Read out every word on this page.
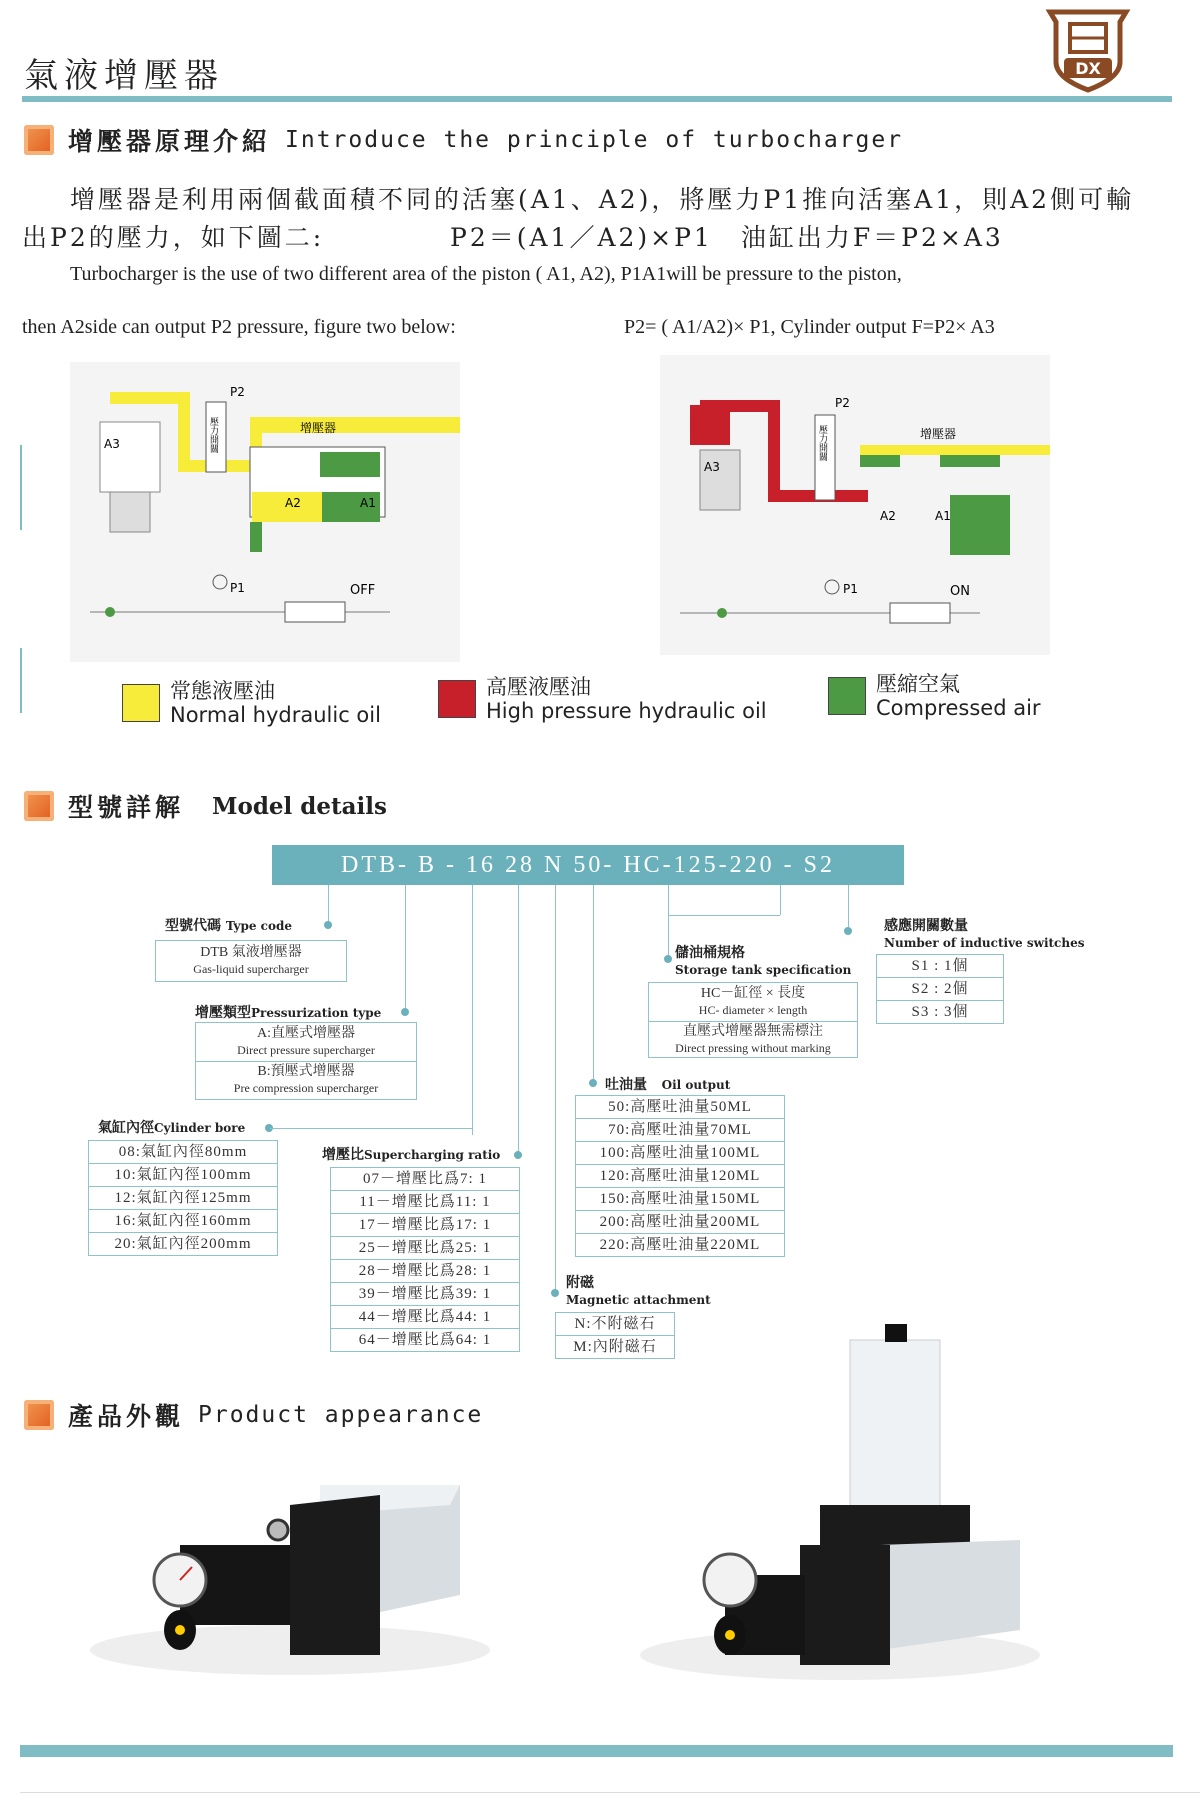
氣液增壓器	DX
增壓器原理介紹 Introduce the principle of turbocharger
增壓器是利用兩個截面積不同的活塞(A1、A2)，將壓力P1推向活塞A1，則A2側可輸
出P2的壓力，如下圖二:	P2＝(A1／A2)×P1　油缸出力F＝P2×A3
Turbocharger is the use of two different area of the piston ( A1, A2), P1A1will be pressure to the piston,
then A2side can output P2 pressure, figure two below:	P2= ( A1/A2)× P1, Cylinder output F=P2× A3
壓力開關
P2
增壓器
A3
A2	A1
P1	OFF
壓力開關
P2
增壓器
A3
A2	A1
P1	ON
常態液壓油
Normal hydraulic oil
高壓液壓油
High pressure hydraulic oil
壓縮空氣
Compressed air
型號詳解 Model details
DTB- B - 16 28 N 50- HC-125-220 - S2
型號代碼 Type code
DTB 氣液增壓器
Gas-liquid supercharger
增壓類型Pressurization type
A:直壓式增壓器
Direct pressure supercharger
B:預壓式增壓器
Pre compression supercharger
氣缸內徑Cylinder bore
08:氣缸內徑80mm
10:氣缸內徑100mm
12:氣缸內徑125mm
16:氣缸內徑160mm
20:氣缸內徑200mm
增壓比Supercharging ratio
07－增壓比爲7: 1
11－增壓比爲11: 1
17－增壓比爲17: 1
25－增壓比爲25: 1
28－增壓比爲28: 1
39－增壓比爲39: 1
44－增壓比爲44: 1
64－增壓比爲64: 1
儲油桶規格
Storage tank specification
HC－缸徑 × 長度
HC- diameter × length
直壓式增壓器無需標注
Direct pressing without marking
吐油量 Oil output
50:高壓吐油量50ML
70:高壓吐油量70ML
100:高壓吐油量100ML
120:高壓吐油量120ML
150:高壓吐油量150ML
200:高壓吐油量200ML
220:高壓吐油量220ML
附磁
Magnetic attachment
N:不附磁石
M:內附磁石
感應開關數量
Number of inductive switches
S1 : 1個
S2 : 2個
S3 : 3個
產品外觀 Product appearance
